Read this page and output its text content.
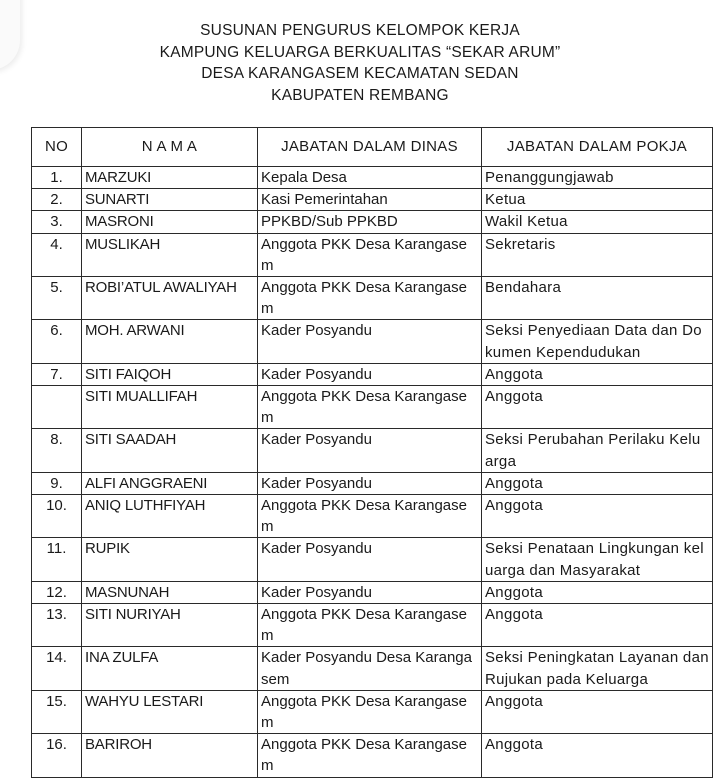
SUSUNAN PENGURUS KELOMPOK KERJA
KAMPUNG KELUARGA BERKUALITAS “SEKAR ARUM”
DESA KARANGASEM KECAMATAN SEDAN
KABUPATEN REMBANG
NO	N A M A	JABATAN DALAM DINAS	JABATAN DALAM POKJA
1.	MARZUKI	Kepala Desa	Penanggungjawab
2.	SUNARTI	Kasi Pemerintahan	Ketua
3.	MASRONI	PPKBD/Sub PPKBD	Wakil Ketua
4.	MUSLIKAH	Anggota PKK Desa Karangasem	Sekretaris
5.	ROBI’ATUL AWALIYAH	Anggota PKK Desa Karangasem	Bendahara
6.	MOH. ARWANI	Kader Posyandu	Seksi Penyediaan Data dan Dokumen Kependudukan
7.	SITI FAIQOH	Kader Posyandu	Anggota
	SITI MUALLIFAH	Anggota PKK Desa Karangasem	Anggota
8.	SITI SAADAH	Kader Posyandu	Seksi Perubahan Perilaku Keluarga
9.	ALFI ANGGRAENI	Kader Posyandu	Anggota
10.	ANIQ LUTHFIYAH	Anggota PKK Desa Karangasem	Anggota
11.	RUPIK	Kader Posyandu	Seksi Penataan Lingkungan keluarga dan Masyarakat
12.	MASNUNAH	Kader Posyandu	Anggota
13.	SITI NURIYAH	Anggota PKK Desa Karangasem	Anggota
14.	INA ZULFA	Kader Posyandu Desa Karangasem	Seksi Peningkatan Layanan dan Rujukan pada Keluarga
15.	WAHYU LESTARI	Anggota PKK Desa Karangasem	Anggota
16.	BARIROH	Anggota PKK Desa Karangasem	Anggota
